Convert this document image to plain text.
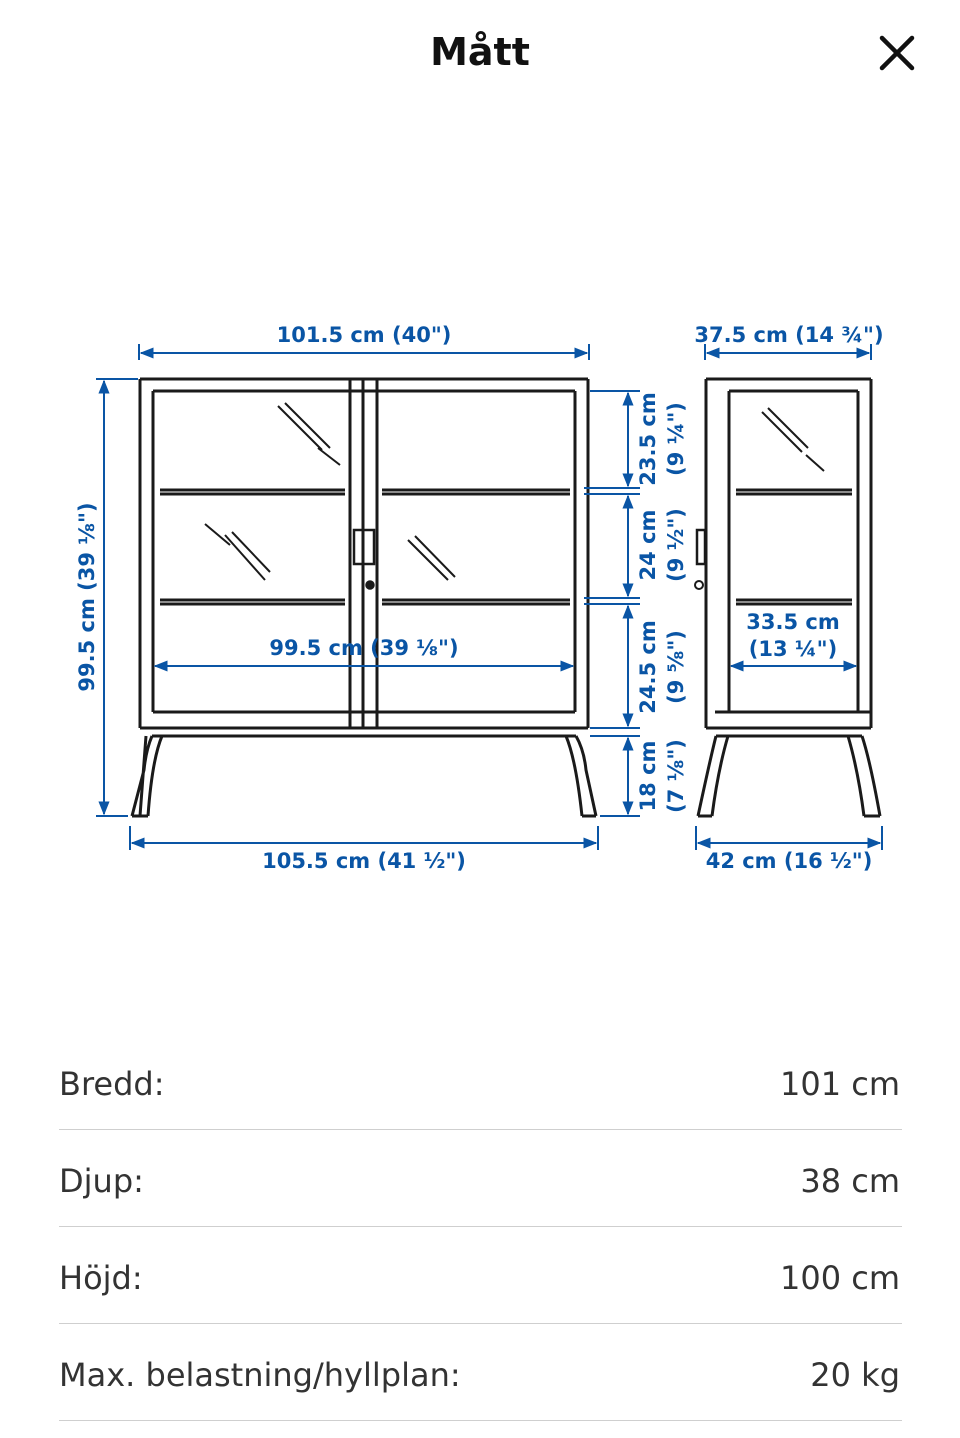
Mått
101.5 cm (40")
99.5 cm (39 ⅛")
105.5 cm (41 ½")
99.5 cm (39 ⅛")
23.5 cm (9 ¼")
24 cm (9 ½")
24.5 cm (9 ⅝")
18 cm (7 ⅛")
37.5 cm (14 ¾")
33.5 cm
(13 ¼")
42 cm (16 ½")
Bredd:	101 cm
Djup:	38 cm
Höjd:	100 cm
Max. belastning/hyllplan:	20 kg
